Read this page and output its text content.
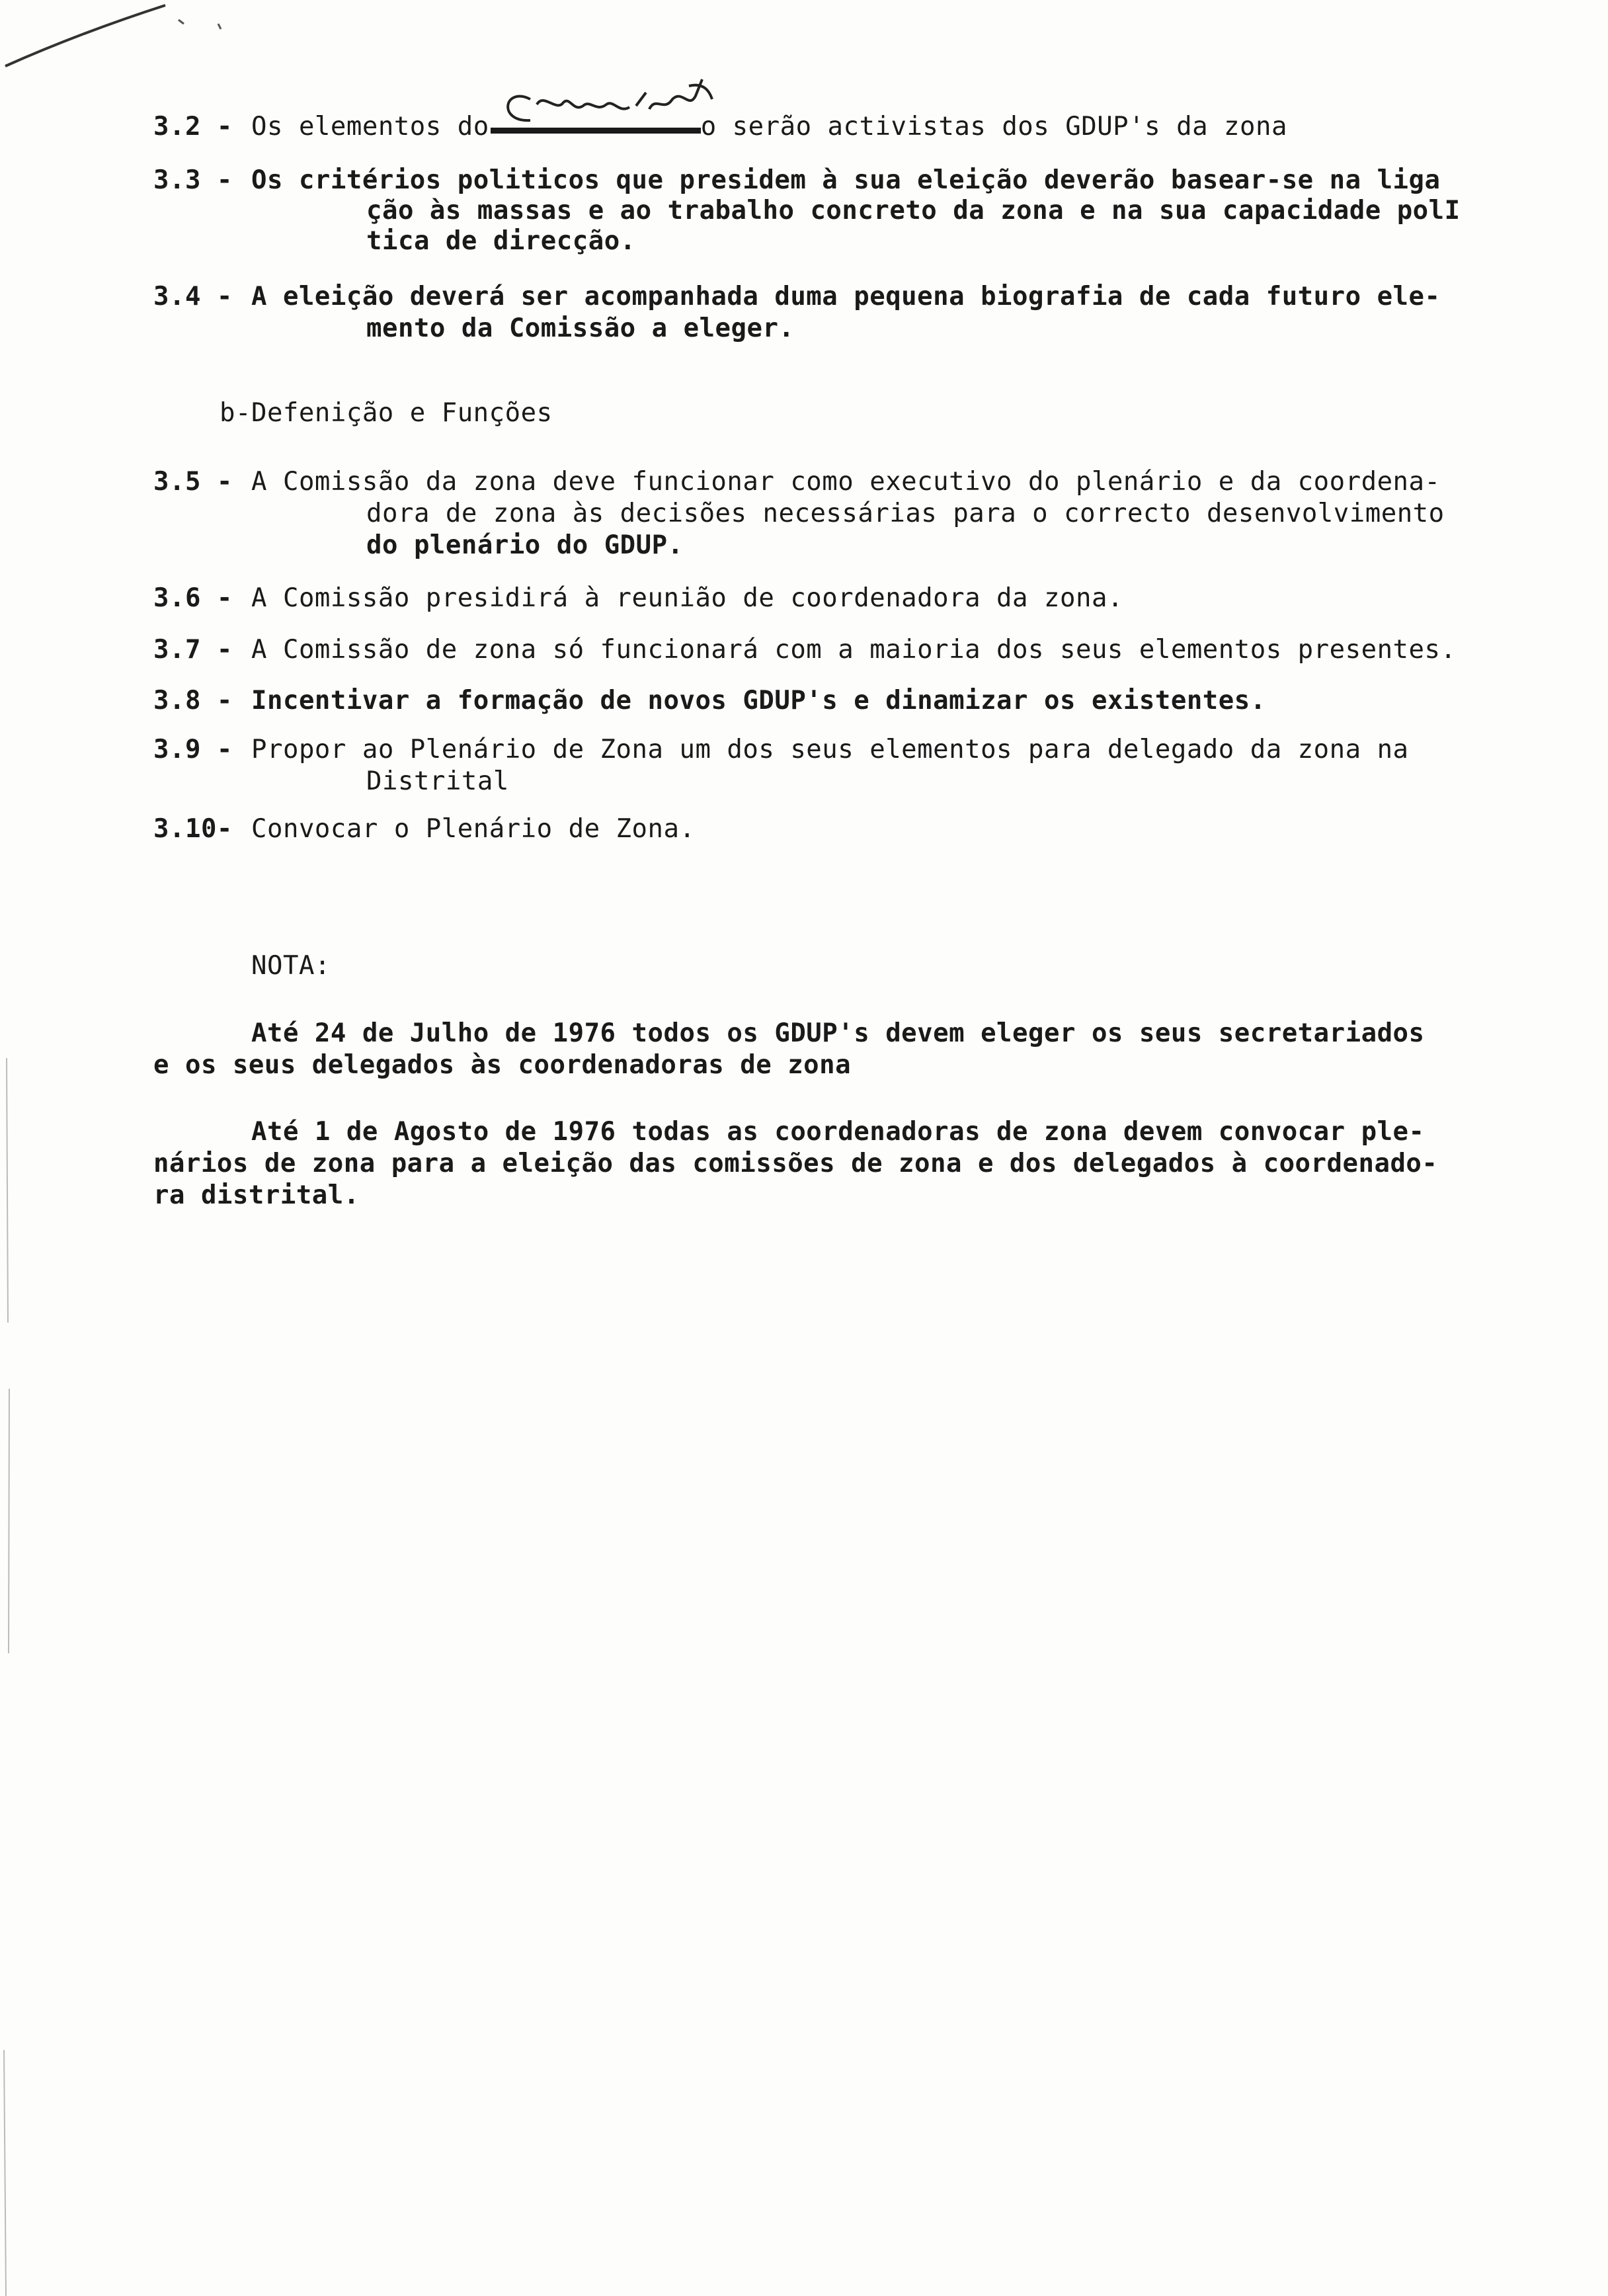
3.2 - Os elementos do	o serão activistas dos GDUP's da zona
3.3 - Os critérios politicos que presidem à sua eleição deverão basear-se na liga
ção às massas e ao trabalho concreto da zona e na sua capacidade polI
tica de direcção.
3.4 - A eleição deverá ser acompanhada duma pequena biografia de cada futuro ele-
mento da Comissão a eleger.
b-Defenição e Funções
3.5 - A Comissão da zona deve funcionar como executivo do plenário e da coordena-
dora de zona às decisões necessárias para o correcto desenvolvimento
do plenário do GDUP.
3.6 - A Comissão presidirá à reunião de coordenadora da zona.
3.7 - A Comissão de zona só funcionará com a maioria dos seus elementos presentes.
3.8 - Incentivar a formação de novos GDUP's e dinamizar os existentes.
3.9 - Propor ao Plenário de Zona um dos seus elementos para delegado da zona na
Distrital
3.10- Convocar o Plenário de Zona.
NOTA:
Até 24 de Julho de 1976 todos os GDUP's devem eleger os seus secretariados
e os seus delegados às coordenadoras de zona
Até 1 de Agosto de 1976 todas as coordenadoras de zona devem convocar ple-
nários de zona para a eleição das comissões de zona e dos delegados à coordenado-
ra distrital.
